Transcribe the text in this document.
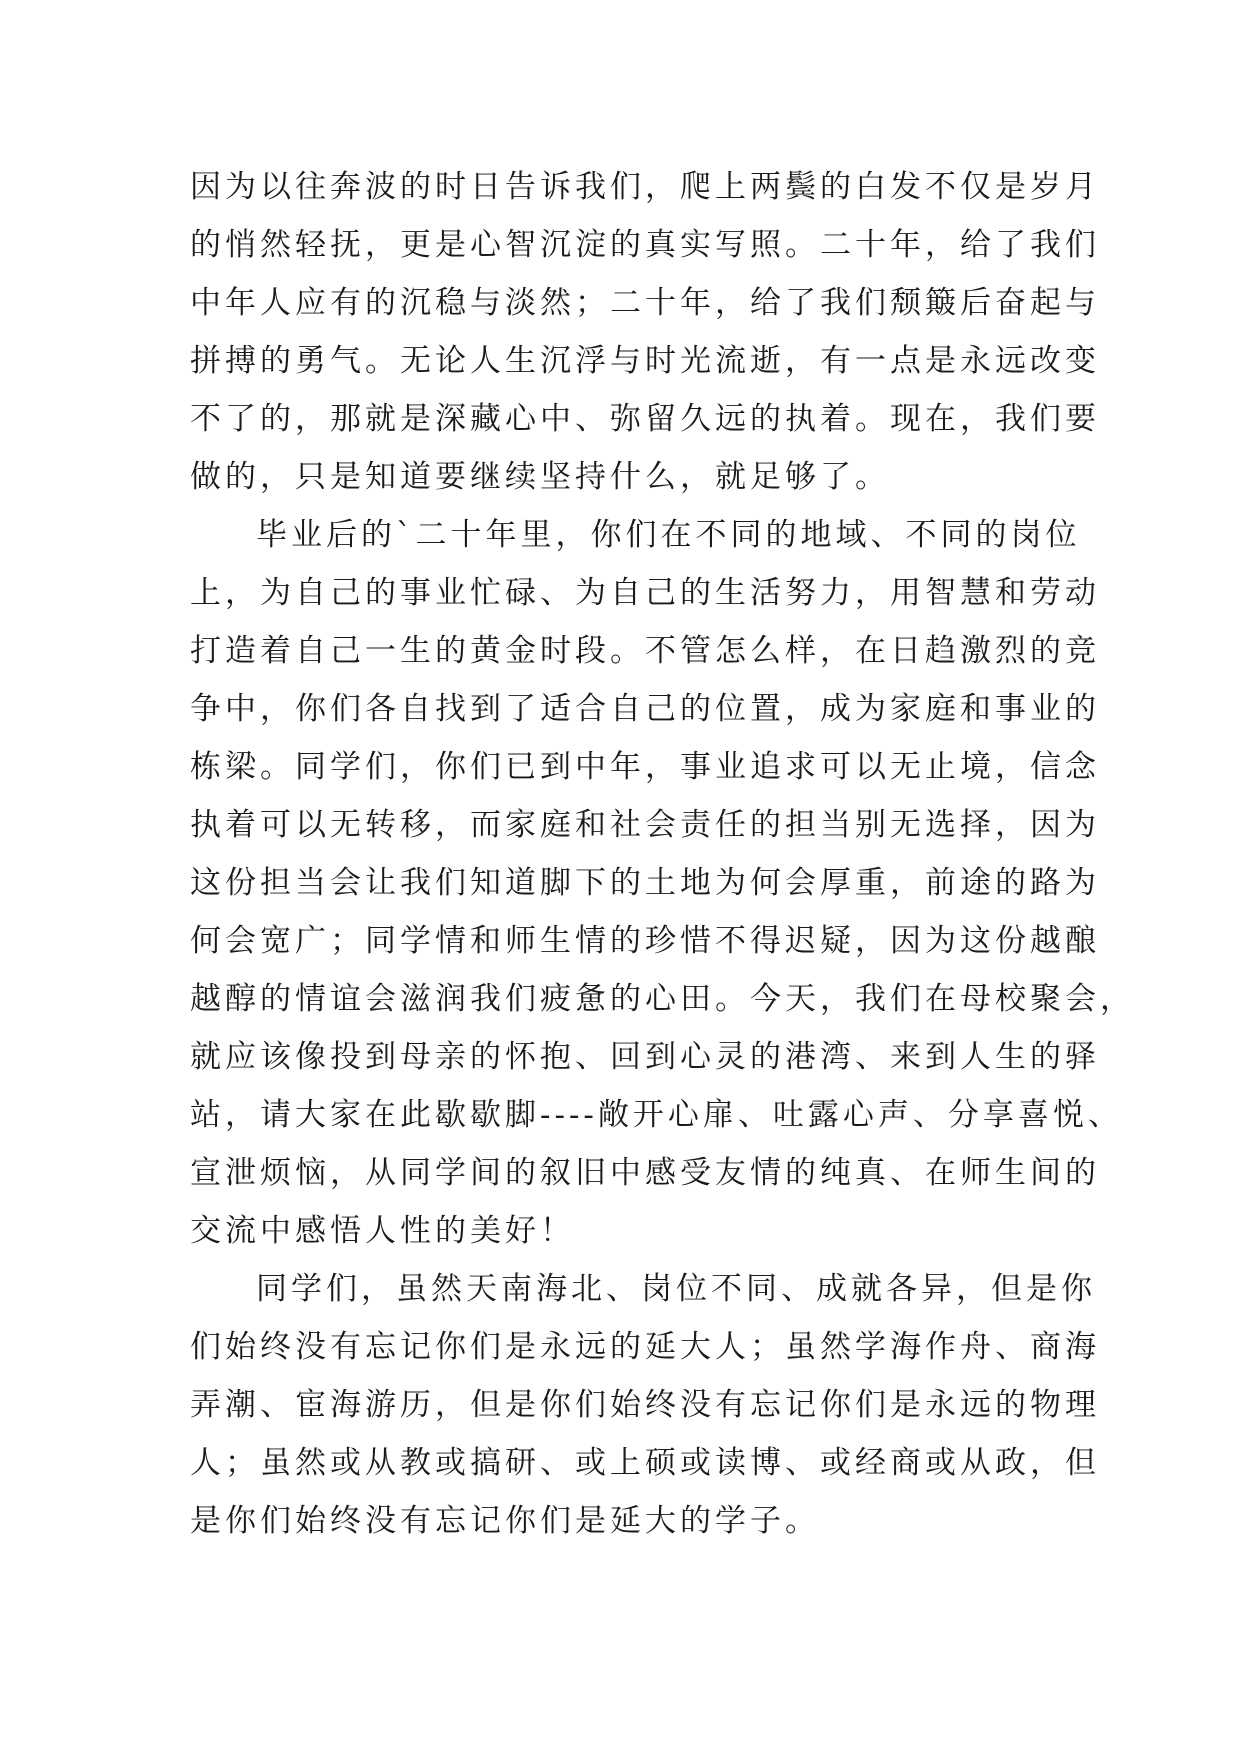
因为以往奔波的时日告诉我们，爬上两鬓的白发不仅是岁月
的悄然轻抚，更是心智沉淀的真实写照。二十年，给了我们
中年人应有的沉稳与淡然；二十年，给了我们颓簸后奋起与
拼搏的勇气。无论人生沉浮与时光流逝，有一点是永远改变
不了的，那就是深藏心中、弥留久远的执着。现在，我们要
做的，只是知道要继续坚持什么，就足够了。
毕业后的`二十年里，你们在不同的地域、不同的岗位
上，为自己的事业忙碌、为自己的生活努力，用智慧和劳动
打造着自己一生的黄金时段。不管怎么样，在日趋激烈的竞
争中，你们各自找到了适合自己的位置，成为家庭和事业的
栋梁。同学们，你们已到中年，事业追求可以无止境，信念
执着可以无转移，而家庭和社会责任的担当别无选择，因为
这份担当会让我们知道脚下的土地为何会厚重，前途的路为
何会宽广；同学情和师生情的珍惜不得迟疑，因为这份越酿
越醇的情谊会滋润我们疲惫的心田。今天，我们在母校聚会，
就应该像投到母亲的怀抱、回到心灵的港湾、来到人生的驿
站，请大家在此歇歇脚----敞开心扉、吐露心声、分享喜悦、
宣泄烦恼，从同学间的叙旧中感受友情的纯真、在师生间的
交流中感悟人性的美好！
同学们，虽然天南海北、岗位不同、成就各异，但是你
们始终没有忘记你们是永远的延大人；虽然学海作舟、商海
弄潮、宦海游历，但是你们始终没有忘记你们是永远的物理
人；虽然或从教或搞研、或上硕或读博、或经商或从政，但
是你们始终没有忘记你们是延大的学子。
